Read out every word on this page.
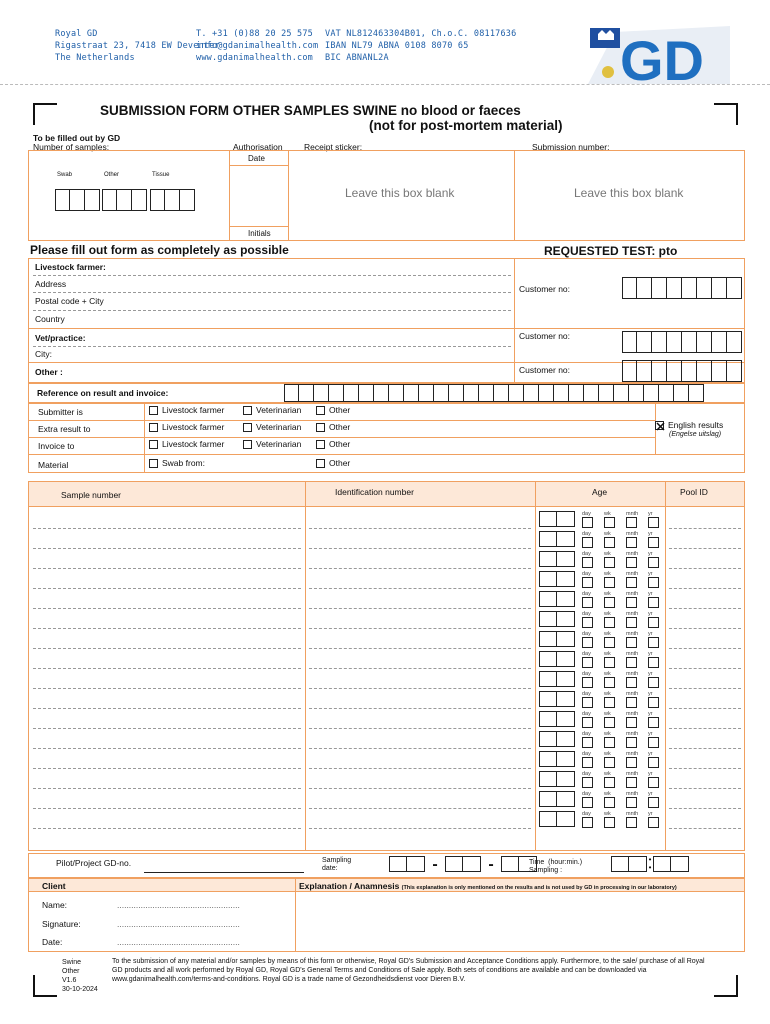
Royal GD
Rigastraat 23, 7418 EW Deventer
The Netherlands
T. +31 (0)88 20 25 575
info@gdanimalhealth.com
www.gdanimalhealth.com
VAT NL812463304B01, Ch.o.C. 08117636
IBAN NL79 ABNA 0108 8070 65
BIC ABNANL2A	GD
SUBMISSION FORM OTHER SAMPLES SWINE no blood or faeces
(not for post-mortem material)
To be filled out by GD
Number of samples:	Authorisation	Receipt sticker:	Submission number:
Date
Initials
Swab	Other	Tissue
Leave this box blank	Leave this box blank
Please fill out form as completely as possible	REQUESTED TEST: pto
Livestock farmer:
Address
Postal code + City
Country
Customer no:
Vet/practice:
City:
Customer no:
Other :	Customer no:
Reference on result and invoice:
Submitter is	Livestock farmer	Veterinarian	Other
Extra result to	Livestock farmer	Veterinarian	Other
Invoice to	Livestock farmer	Veterinarian	Other
Material	Swab from:	Other
English results
(Engelse uitslag)
Sample number	Identification number	Age	Pool ID
day wk	mnth yr
day wk	mnth yr
day wk	mnth yr
day wk	mnth yr
day wk	mnth yr
day wk	mnth yr
day wk	mnth yr
day wk	mnth yr
day wk	mnth yr
day wk	mnth yr
day wk	mnth yr
day wk	mnth yr
day wk	mnth yr
day wk	mnth yr
day wk	mnth yr
day wk	mnth yr
Pilot/Project GD-no.	Sampling
date:	-	-	Time  (hour:min.)
Sampling :
•
•
Client	Explanation / Anamnesis (This explanation is only mentioned on the results and is not used by GD in processing in our laboratory)
Name:	....................................................
Signature:	....................................................
Date:	....................................................
Swine
Other
V1.6
30-10-2024
To the submission of any material and/or samples by means of this form or otherwise, Royal GD's Submission and Acceptance Conditions apply. Furthermore, to the sale/ purchase of all Royal GD products and all work performed by Royal GD, Royal GD's General Terms and Conditions of Sale apply. Both sets of conditions are available and can be downloaded via www.gdanimalhealth.com/terms-and-conditions. Royal GD is a trade name of Gezondheidsdienst voor Dieren B.V.
